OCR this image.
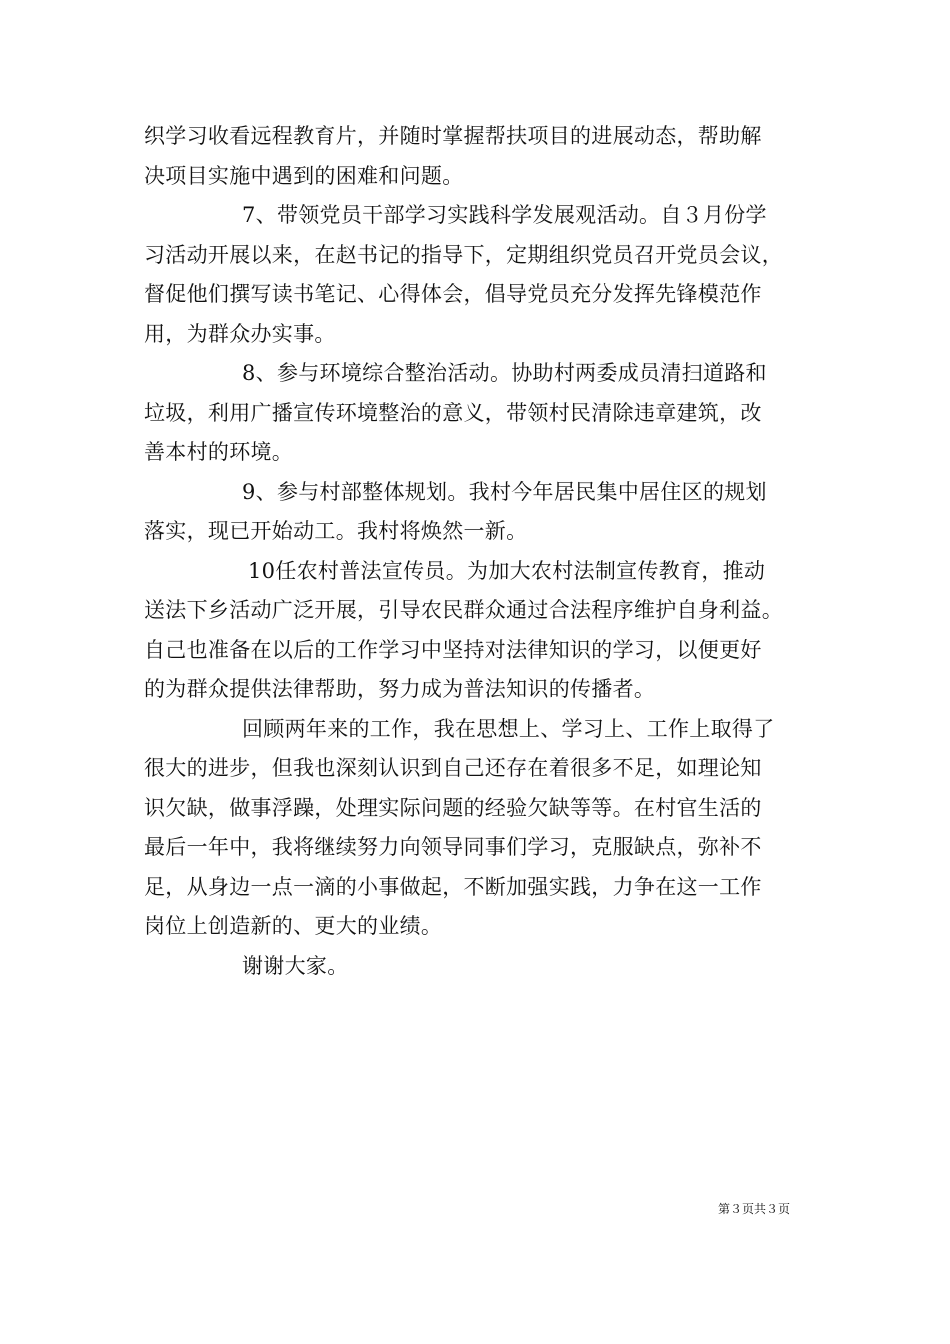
织学习收看远程教育片，并随时掌握帮扶项目的进展动态，帮助解
决项目实施中遇到的困难和问题。
7、带领党员干部学习实践科学发展观活动。自３月份学
习活动开展以来，在赵书记的指导下，定期组织党员召开党员会议，
督促他们撰写读书笔记、心得体会，倡导党员充分发挥先锋模范作
用，为群众办实事。
8、参与环境综合整治活动。协助村两委成员清扫道路和
垃圾，利用广播宣传环境整治的意义，带领村民清除违章建筑，改
善本村的环境。
9、参与村部整体规划。我村今年居民集中居住区的规划
落实，现已开始动工。我村将焕然一新。
10任农村普法宣传员。为加大农村法制宣传教育，推动
送法下乡活动广泛开展，引导农民群众通过合法程序维护自身利益。
自己也准备在以后的工作学习中坚持对法律知识的学习，以便更好
的为群众提供法律帮助，努力成为普法知识的传播者。
回顾两年来的工作，我在思想上、学习上、工作上取得了
很大的进步，但我也深刻认识到自己还存在着很多不足，如理论知
识欠缺，做事浮躁，处理实际问题的经验欠缺等等。在村官生活的
最后一年中，我将继续努力向领导同事们学习，克服缺点，弥补不
足，从身边一点一滴的小事做起，不断加强实践，力争在这一工作
岗位上创造新的、更大的业绩。
谢谢大家。
第３页共３页
